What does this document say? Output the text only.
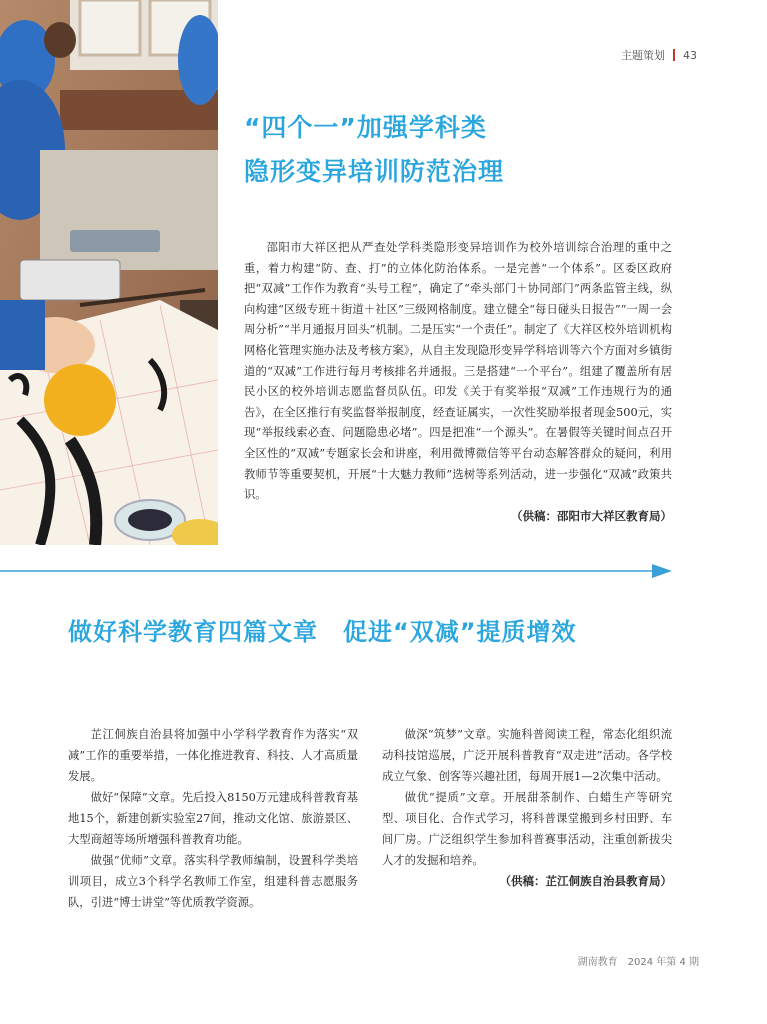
主题策划 43
“四个一”加强学科类
隐形变异培训防范治理

邵阳市大祥区把从严查处学科类隐形变异培训作为校外培训综合治理的重中之重，着力构建“防、查、打”的立体化防治体系。一是完善“一个体系”。区委区政府把“双减”工作作为教育“头号工程”，确定了“牵头部门＋协同部门”两条监管主线，纵向构建“区级专班＋街道＋社区”三级网格制度。建立健全“每日碰头日报告”“一周一会周分析”“半月通报月回头”机制。二是压实“一个责任”。制定了《大祥区校外培训机构网格化管理实施办法及考核方案》，从自主发现隐形变异学科培训等六个方面对乡镇街道的“双减”工作进行每月考核排名并通报。三是搭建“一个平台”。组建了覆盖所有居民小区的校外培训志愿监督员队伍。印发《关于有奖举报“双减”工作违规行为的通告》，在全区推行有奖监督举报制度，经查证属实，一次性奖励举报者现金500元，实现“举报线索必查、问题隐患必堵”。四是把准“一个源头”。在暑假等关键时间点召开全区性的“双减”专题家长会和讲座，利用微博微信等平台动态解答群众的疑问，利用教师节等重要契机，开展“十大魅力教师”选树等系列活动，进一步强化“双减”政策共识。

（供稿：邵阳市大祥区教育局）

做好科学教育四篇文章　促进“双减”提质增效

芷江侗族自治县将加强中小学科学教育作为落实“双减”工作的重要举措，一体化推进教育、科技、人才高质量发展。

做好“保障”文章。先后投入8150万元建成科普教育基地15个，新建创新实验室27间，推动文化馆、旅游景区、大型商超等场所增强科普教育功能。

做强“优师”文章。落实科学教师编制，设置科学类培训项目，成立3个科学名教师工作室，组建科普志愿服务队，引进“博士讲堂”等优质教学资源。

做深“筑梦”文章。实施科普阅读工程，常态化组织流动科技馆巡展，广泛开展科普教育“双走进”活动。各学校成立气象、创客等兴趣社团，每周开展1—2次集中活动。

做优“提质”文章。开展甜茶制作、白蜡生产等研究型、项目化、合作式学习，将科普课堂搬到乡村田野、车间厂房。广泛组织学生参加科普赛事活动，注重创新拔尖人才的发掘和培养。

（供稿：芷江侗族自治县教育局）

湖南教育　2024 年第 4 期
